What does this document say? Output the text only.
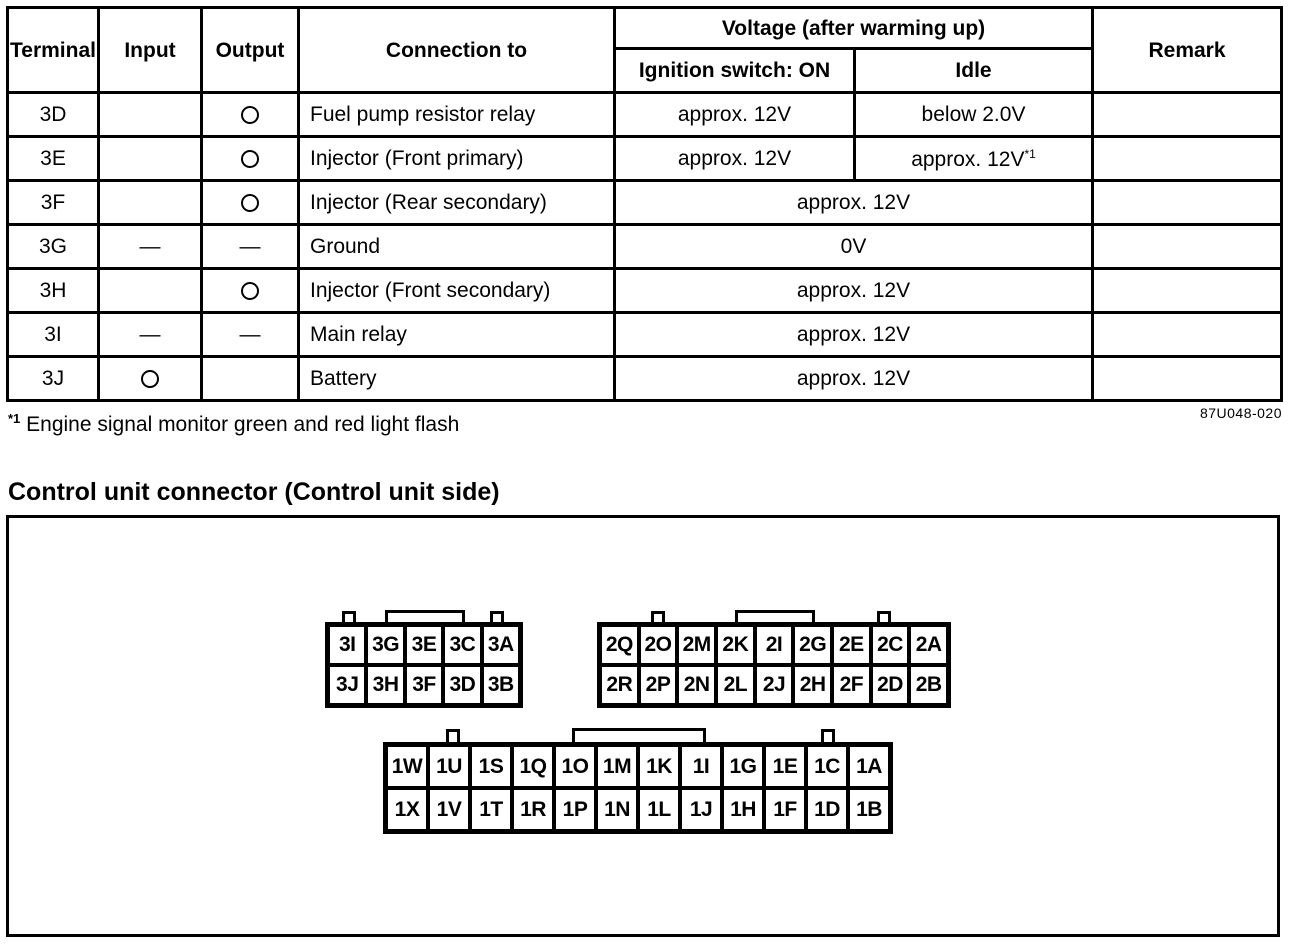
Terminal	Input	Output	Connection to	Voltage (after warming up)		Remark
				Ignition switch: ON	Idle	
3D			Fuel pump resistor relay	approx. 12V	below 2.0V	
3E			Injector (Front primary)	approx. 12V	approx. 12V$^{*1}$	
3F			Injector (Rear secondary)	approx. 12V		
3G	—	—	Ground	0V		
3H			Injector (Front secondary)	approx. 12V		
3I	—	—	Main relay	approx. 12V		
3J			Battery	approx. 12V		
$^{*1}$ Engine signal monitor green and red light flash	87U048-020
Control unit connector (Control unit side)
3I 3G 3E 3C 3A
3J 3H 3F 3D 3B
2Q 2O 2M 2K 2I 2G 2E 2C 2A
2R 2P 2N 2L 2J 2H 2F 2D 2B
1W 1U 1S 1Q 1O 1M 1K 1I 1G 1E 1C 1A
1X 1V 1T 1R 1P 1N 1L 1J 1H 1F 1D 1B
